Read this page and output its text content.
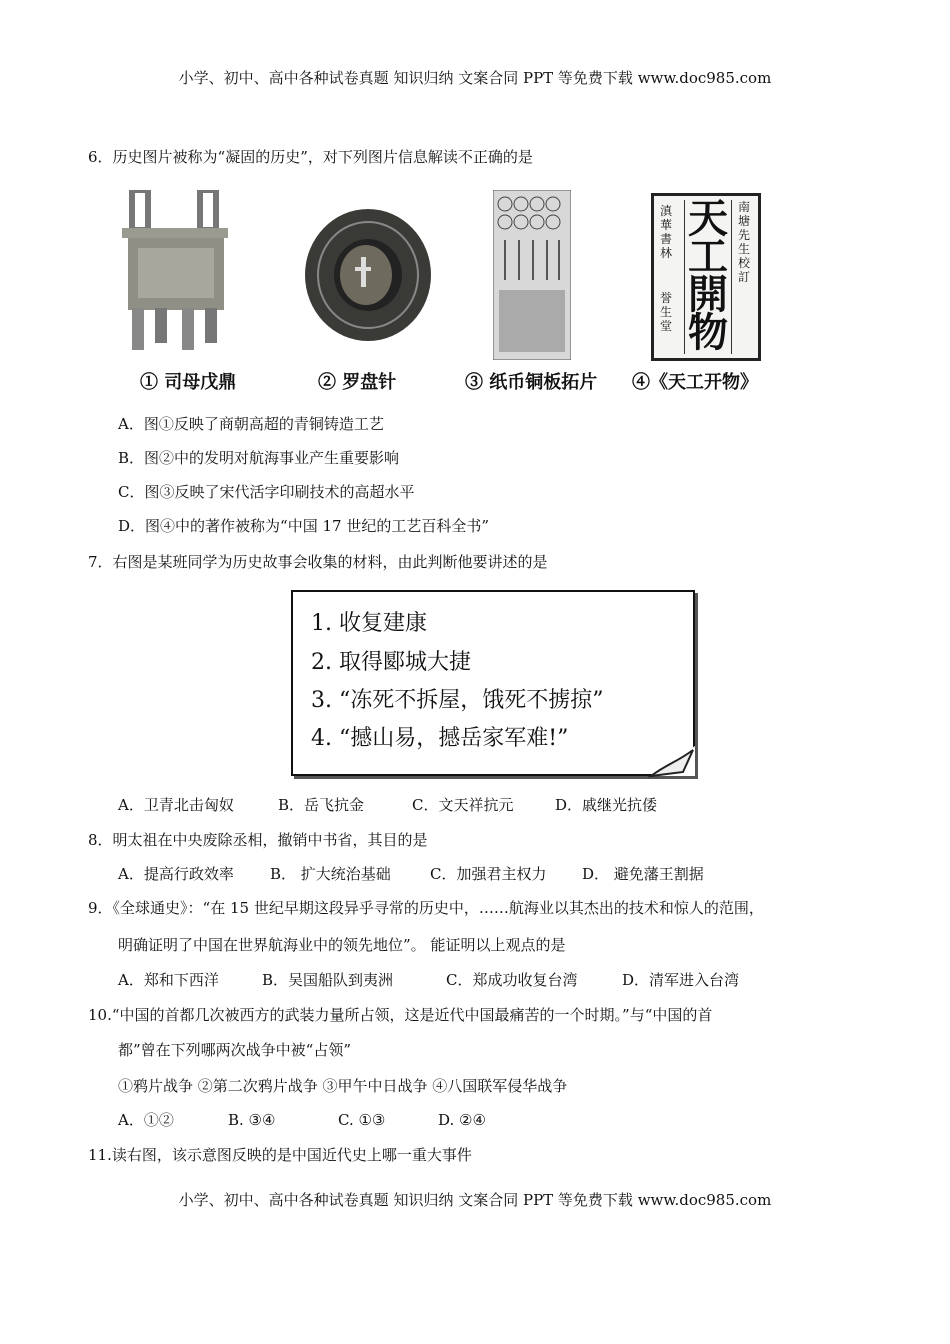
小学、初中、高中各种试卷真题 知识归纳 文案合同 PPT 等免费下载 www.doc985.com
6．历史图片被称为“凝固的历史”，对下列图片信息解读不正确的是
天工開物
滇華書林
誉生堂
南塘先生校訂
① 司母戊鼎	② 罗盘针	③ 纸币铜板拓片 ④《天工开物》
A．图①反映了商朝高超的青铜铸造工艺
B．图②中的发明对航海事业产生重要影响
C．图③反映了宋代活字印刷技术的高超水平
D．图④中的著作被称为“中国 17 世纪的工艺百科全书”
7．右图是某班同学为历史故事会收集的材料，由此判断他要讲述的是
1. 收复建康
2. 取得郾城大捷
3. “冻死不拆屋，饿死不掳掠”
4. “撼山易，撼岳家军难!”
A．卫青北击匈奴	B．岳飞抗金	C．文天祥抗元	D．戚继光抗倭
8．明太祖在中央废除丞相，撤销中书省，其目的是
A．提高行政效率 B． 扩大统治基础	C．加强君主权力 D． 避免藩王割据
9．《全球通史》：“在 15 世纪早期这段异乎寻常的历史中，……航海业以其杰出的技术和惊人的范围，
明确证明了中国在世界航海业中的领先地位”。 能证明以上观点的是
A．郑和下西洋	B．吴国船队到夷洲	C．郑成功收复台湾	D．清军进入台湾
10.“中国的首都几次被西方的武装力量所占领，这是近代中国最痛苦的一个时期。”与“中国的首
都”曾在下列哪两次战争中被“占领”
①鸦片战争 ②第二次鸦片战争 ③甲午中日战争 ④八国联军侵华战争
A．①②	B. ③④	C. ①③	D. ②④
11.读右图，该示意图反映的是中国近代史上哪一重大事件
小学、初中、高中各种试卷真题 知识归纳 文案合同 PPT 等免费下载 www.doc985.com
